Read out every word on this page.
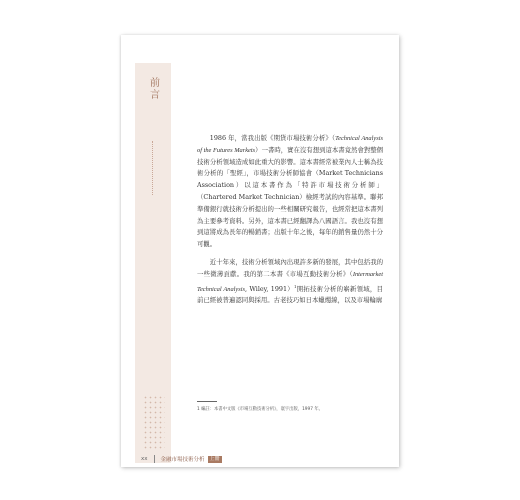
前言

1986 年，當我出版《期貨市場技術分析》（Technical Analysis of the Futures Markets）一書時，實在沒有想到這本書竟然會對整個技術分析領域造成如此重大的影響。這本書經常被業內人士稱為技術分析的「聖經」，市場技術分析師協會（Market Technicians Association）以這本書作為「特許市場技術分析師」（Chartered Market Technician）檢經考試的內容基準。聯邦準備銀行就技術分析提出的一些相關研究報告，也經常把這本書列為主要參考資料。另外，這本書已經翻譯為八國語言。我也沒有想到這將成為長年的暢銷書；出版十年之後，每年的銷售量仍然十分可觀。

近十年來，技術分析領域內出現許多新的發展，其中包括我的一些微薄貢獻。我的第二本書《市場互動技術分析》（Intermarket Technical Analysis, Wiley, 1991）$^1$開拓技術分析的嶄新領域，目前已經被普遍認同與採用。古老技巧如日本蠟燭線，以及市場輪廓

1 編註：本書中文版《市場互動技術分析》，寰宇出版，1997 年。
xx 金融市場技術分析	上冊
